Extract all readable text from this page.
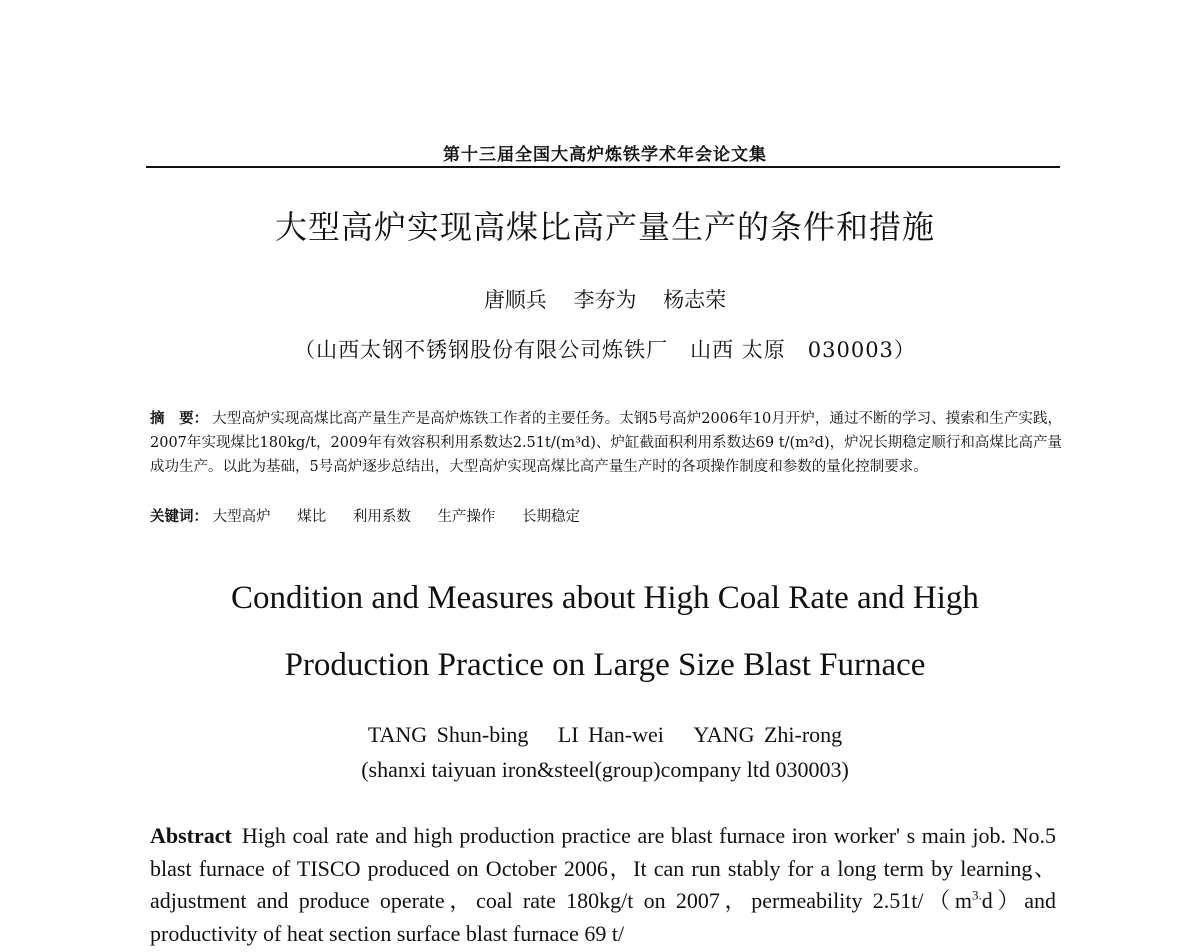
第十三届全国大高炉炼铁学术年会论文集
大型高炉实现高煤比高产量生产的条件和措施
唐顺兵 李夯为 杨志荣
（山西太钢不锈钢股份有限公司炼铁厂　山西 太原　030003）
摘　要： 大型高炉实现高煤比高产量生产是高炉炼铁工作者的主要任务。太钢5号高炉2006年10月开炉，通过不断的学习、摸索和生产实践，2007年实现煤比180kg/t，2009年有效容积利用系数达2.51t/(m³d)、炉缸截面积利用系数达69 t/(m²d)，炉况长期稳定顺行和高煤比高产量成功生产。以此为基础，5号高炉逐步总结出，大型高炉实现高煤比高产量生产时的各项操作制度和参数的量化控制要求。
关键词： 大型高炉 煤比 利用系数 生产操作 长期稳定
Condition and Measures about High Coal Rate and High
Production Practice on Large Size Blast Furnace
TANG Shun-bing LI Han-wei YANG Zhi-rong
(shanxi taiyuan iron&steel(group)company ltd 030003)
Abstract High coal rate and high production practice are blast furnace iron worker' s main job. No.5 blast furnace of TISCO produced on October 2006，It can run stably for a long term by learning、adjustment and produce operate，coal rate 180kg/t on 2007，permeability $2.51t/(m^{3.}d)and$ productivity of heat section surface blast furnace 69 t/
